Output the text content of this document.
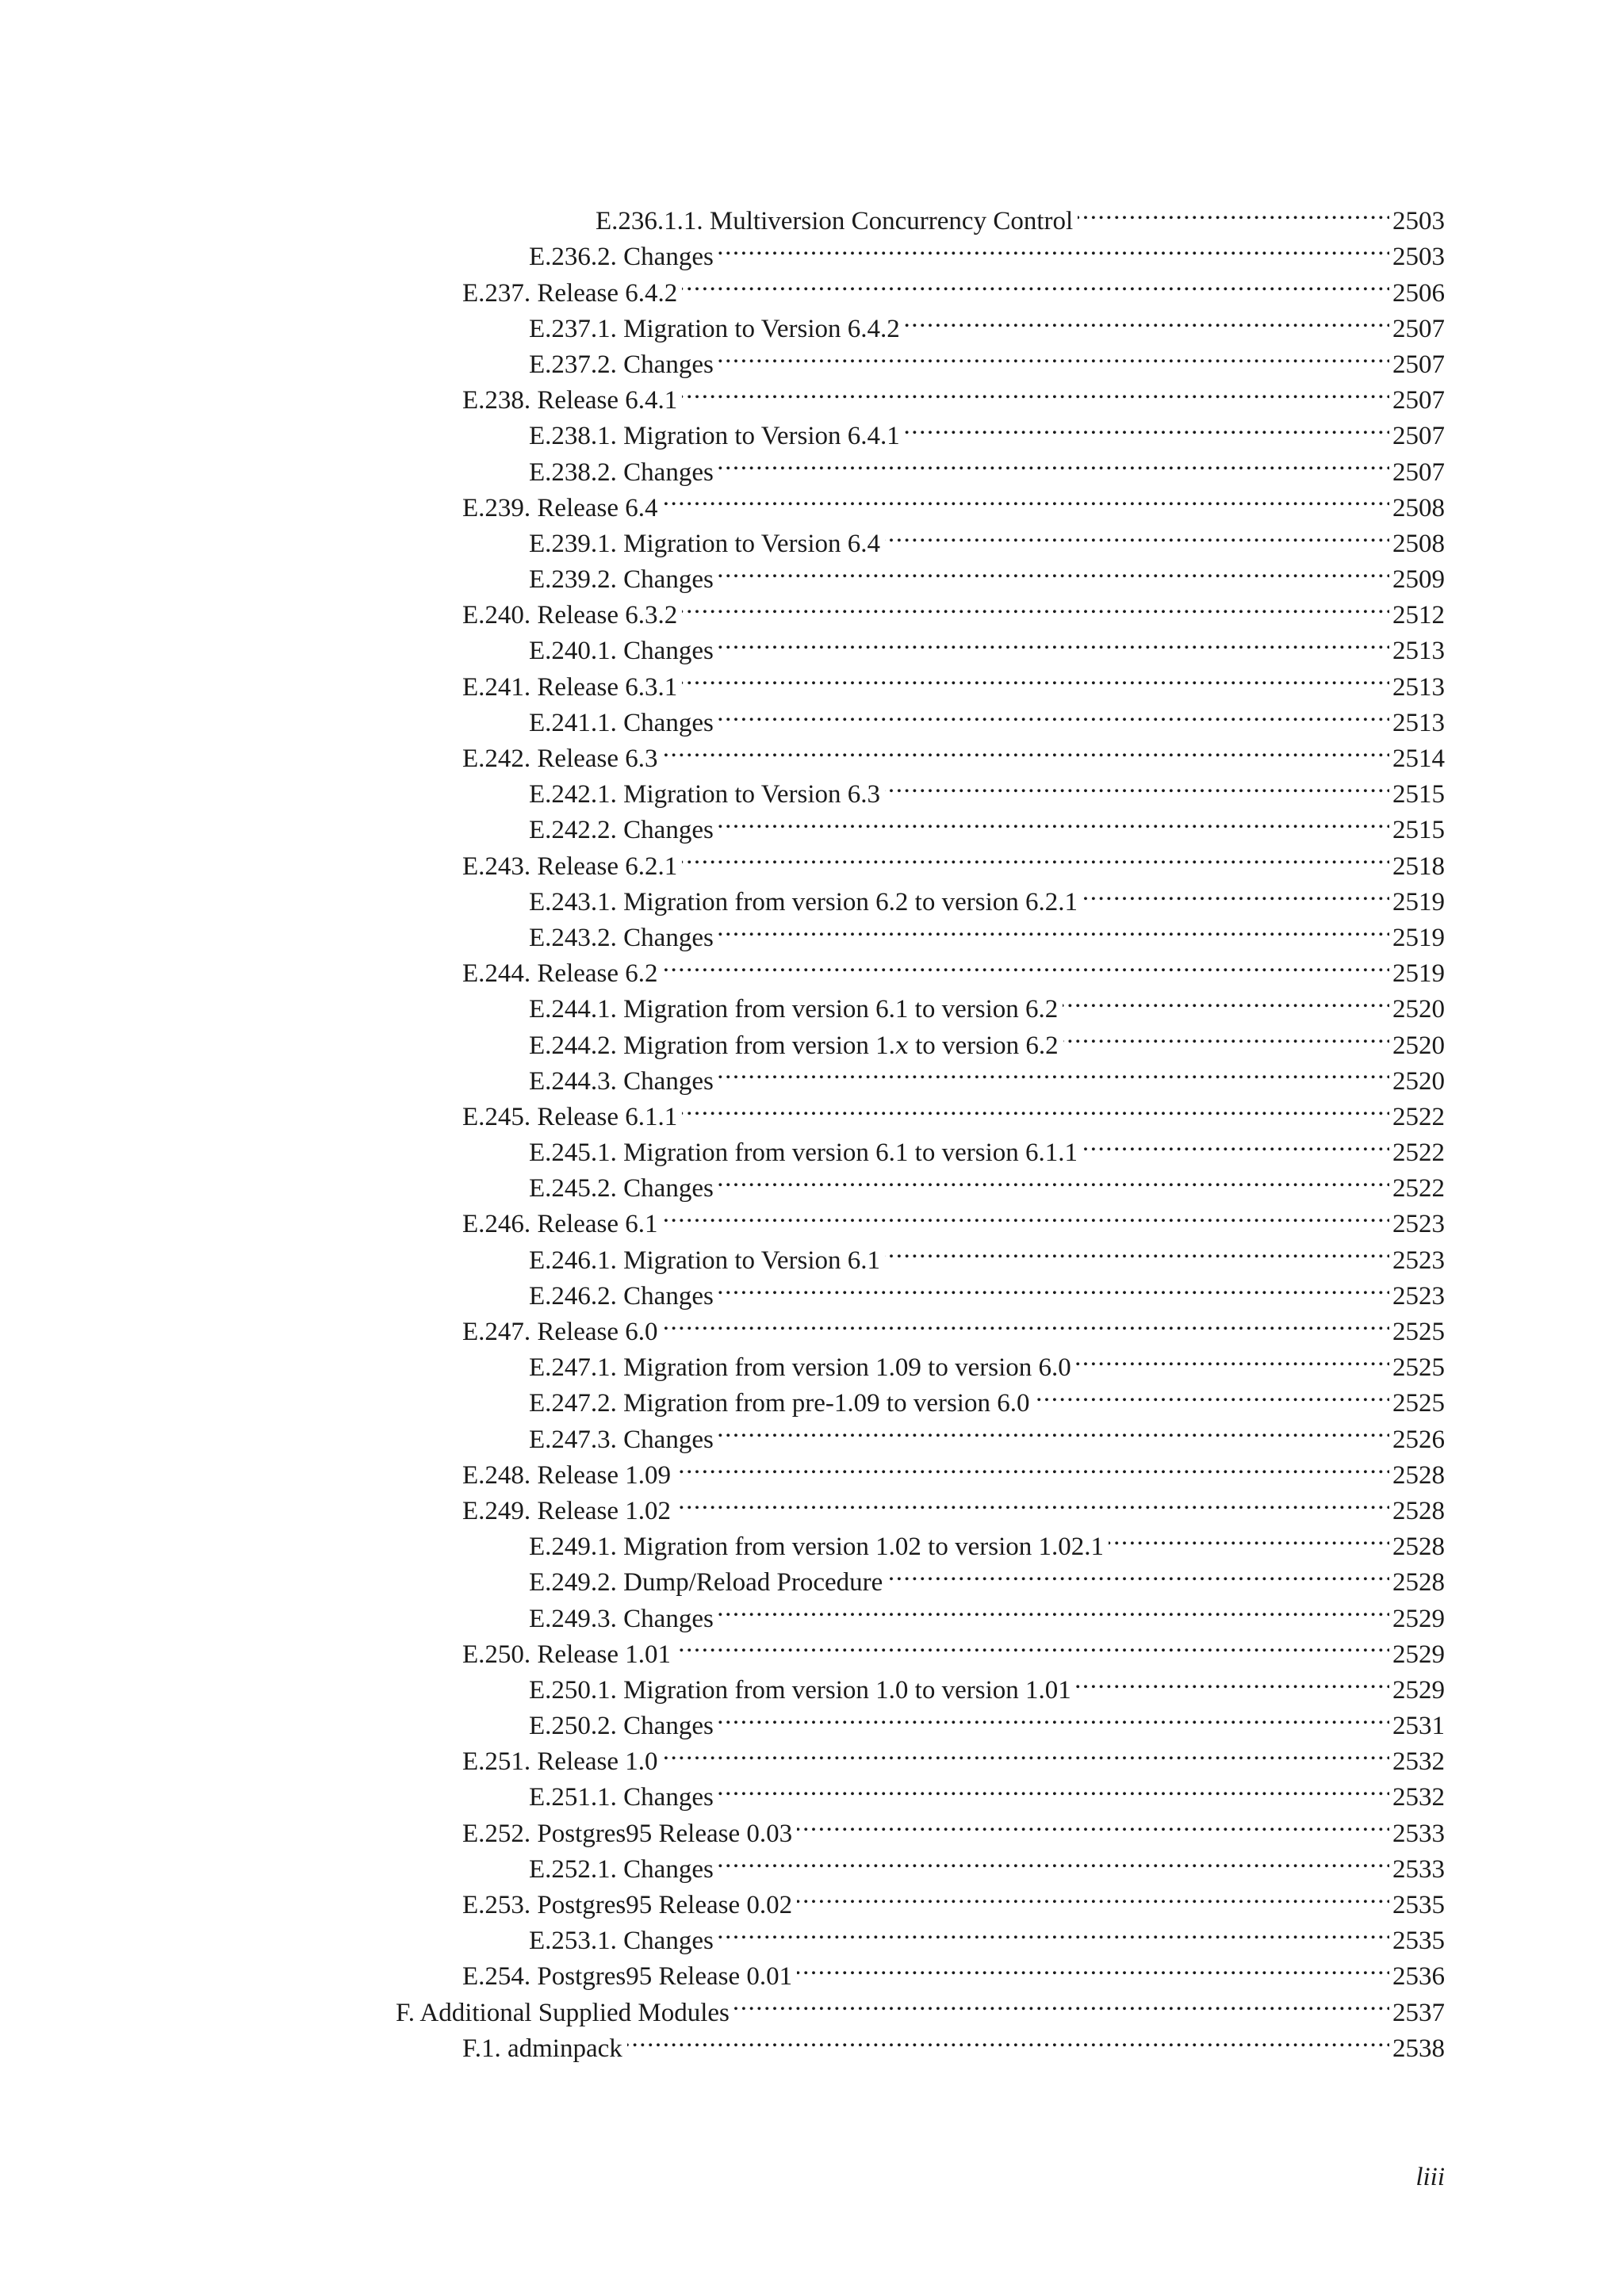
E.236.1.1. Multiversion Concurrency Control . . .	2503
E.236.2. Changes . . .	2503
E.237. Release 6.4.2 . . .	2506
E.237.1. Migration to Version 6.4.2 . . .	2507
E.237.2. Changes . . .	2507
E.238. Release 6.4.1 . . .	2507
E.238.1. Migration to Version 6.4.1 . . .	2507
E.238.2. Changes . . .	2507
E.239. Release 6.4 . . .	2508
E.239.1. Migration to Version 6.4 . . .	2508
E.239.2. Changes . . .	2509
E.240. Release 6.3.2 . . .	2512
E.240.1. Changes . . .	2513
E.241. Release 6.3.1 . . .	2513
E.241.1. Changes . . .	2513
E.242. Release 6.3 . . .	2514
E.242.1. Migration to Version 6.3 . . .	2515
E.242.2. Changes . . .	2515
E.243. Release 6.2.1 . . .	2518
E.243.1. Migration from version 6.2 to version 6.2.1 . . .	2519
E.243.2. Changes . . .	2519
E.244. Release 6.2 . . .	2519
E.244.1. Migration from version 6.1 to version 6.2 . . .	2520
E.244.2. Migration from version 1.x to version 6.2 . . .	2520
E.244.3. Changes . . .	2520
E.245. Release 6.1.1 . . .	2522
E.245.1. Migration from version 6.1 to version 6.1.1 . . .	2522
E.245.2. Changes . . .	2522
E.246. Release 6.1 . . .	2523
E.246.1. Migration to Version 6.1 . . .	2523
E.246.2. Changes . . .	2523
E.247. Release 6.0 . . .	2525
E.247.1. Migration from version 1.09 to version 6.0 . . .	2525
E.247.2. Migration from pre-1.09 to version 6.0 . . .	2525
E.247.3. Changes . . .	2526
E.248. Release 1.09 . . .	2528
E.249. Release 1.02 . . .	2528
E.249.1. Migration from version 1.02 to version 1.02.1 . . .	2528
E.249.2. Dump/Reload Procedure . . .	2528
E.249.3. Changes . . .	2529
E.250. Release 1.01 . . .	2529
E.250.1. Migration from version 1.0 to version 1.01 . . .	2529
E.250.2. Changes . . .	2531
E.251. Release 1.0 . . .	2532
E.251.1. Changes . . .	2532
E.252. Postgres95 Release 0.03 . . .	2533
E.252.1. Changes . . .	2533
E.253. Postgres95 Release 0.02 . . .	2535
E.253.1. Changes . . .	2535
E.254. Postgres95 Release 0.01 . . .	2536
F. Additional Supplied Modules . . .	2537
F.1. adminpack . . .	2538
liii
